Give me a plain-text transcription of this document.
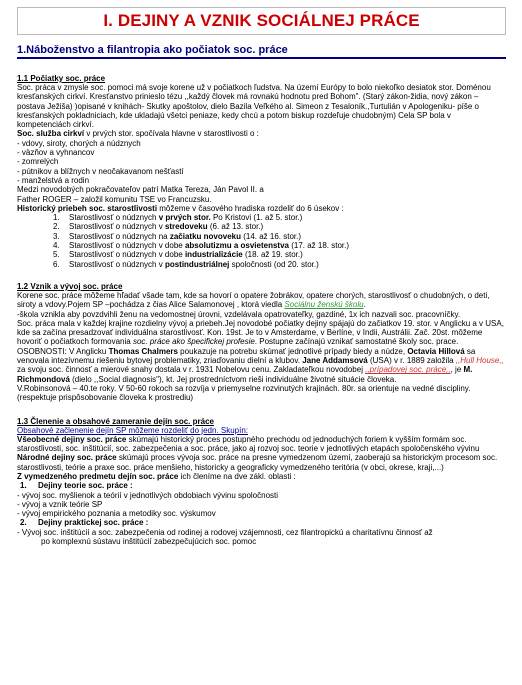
I. DEJINY A VZNIK SOCIÁLNEJ PRÁCE
1.Náboženstvo a filantropia ako počiatok soc. práce
1.1 Počiatky soc. práce
Soc. práca v zmysle soc. pomoci má svoje korene už v počiatkoch ľudstva. Na území Európy to bolo niekoľko desiatok stor. Doménou kresťanských cirkví. Kresťanstvo prinieslo tézu ,,každý človek má rovnakú hodnotu pred Bohom". (Starý zákon-židia, nový zákon – postava Ježiša) )opisané v knihách- Skutky apoštolov, dielo Bazila Veľkého al. Simeon z Tesaloník.,Turtulián v Apologeniku- píše o kresťanských pokladniciach, kde ukladajú všetci peniaze, kedy chcú a potom biskup rozdeľuje chudobným) Cela SP bola v kompetenciách cirkví.
Soc. služba cirkví v prvých stor. spočívala hlavne v starostlivosti o :
- vdovy, siroty, chorých a núdznych
- väzňov a vyhnancov
- zomrelých
- pútnikov a blížnych v neočakavanom nešťastí
- manželstvá a rodin
Medzi novodobých pokračovateľov patrí Matka Tereza, Ján Pavol II. a
Father ROGER – založil komunitu TSE vo Francuzsku.
Historický priebeh soc. starostlivosti môžeme v časového hradiska rozdeliť do 6 úsekov :
1. Starostlivosť o núdznych v prvých stor. Po Kristovi (1. až 5. stor.)
2. Starostlivosť o núdznych v stredoveku (6. až 13. stor.)
3. Starostlivosť o núdznych na začiatku novoveku (14. až 16. stor.)
4. Starostlivosť o núdznych v dobe absolutizmu a osvietenstva (17. až 18. stor.)
5. Starostlivosť o núdznych v dobe industrializácie (18. až 19. stor.)
6. Starostlivosť o núdznych v postindustriálnej spoločnosti (od 20. stor.)
1.2 Vznik a vývoj soc. práce
Korene soc. práce môžeme hľadať všade tam, kde sa hovorí o opatere žobrákov, opatere chorých, starostlivosť o chudobných, o deti, siroty a vdovy.Pojem SP –pochádza z čias Alice Salamonovej , ktorá viedla Sociálnu ženskú školu.
-škola vznikla aby povzdvihli ženu na vedomostnej úrovni, vzdelávala opatrovateľky, gazdiné, 1x ich nazvali soc. pracovníčky.
Soc. práca mala v každej krajine rozdielny vývoj a priebeh.Jej novodobé počiatky dejiny spájajú do začiatkov 19. stor. v Anglicku a v USA, kde sa začína presadzovať individuálna starostlivosť. Kon. 19st. Je to v Amsterdame, v Berlíne, v Indii, Austrálii. Zač. 20st. môžeme hovoriť o počiatkoch formovania soc. práce ako špecifickej profesie. Postupne začínajú vznikať samostatné školy soc. prace.
OSOBNOSTI: V Anglicku Thomas Chalmers poukazuje na potrebu skúmať jednotlivé prípady biedy a núdze, Octavia Hillová sa venovala intezívnemu riešeniu bytovej problematiky, zriaďovaniu dielní a klubov. Jane Addamsová (USA) v r. 1889 založila ,,Hull House,, za svoju soc. činnosť a mierové snahy dostala v r. 1931 Nobelovu cenu. Zakladateľkou novodobej ,,prípadovej soc. práce,,, je M. Richmondová (dielo ,,Social diagnosis"), kt. Jej prostredníctvom rieši individuálne životné situácie človeka.
V.Robinsonová – 40.te roky. V 50-60 rokoch sa rozvíja v priemyselne rozvinutých krajinách. 80r. sa orientuje na vedné discipliny.(respektuje prispôsobovanie človeka k prostrediu)
1.3 Členenie a obsahové zameranie dejín soc. práce
Obsahové začlenenie dejín SP môžeme rozdeliť do jedn. Skupín:
Všeobecné dejiny soc. práce skúmajú historický proces postupného prechodu od jednoduchých foriem k vyšším formám soc. starostlivosti, soc. inštitúcií, soc. zabezpečenia a soc. práce, jako aj rozvoj soc. teorie v jednotlivých etapách spoločenského vývinu
Národné dejiny soc. práce skúmajú proces vývoja soc. práce na presne vymedzenom území, zaoberajú sa historickým procesom soc. starostlivosti, teórie a praxe soc. práce menšieho, historicky a geograficky vymedzeného teritória (v obci, okrese, kraji,...)
Z vymedzeného predmetu dejín soc. práce ich členíme na dve zákl. oblasti :
1. Dejiny teorie soc. práce :
- vývoj soc. myšlienok a teórií v jednotlivých obdobiach vývinu spoločnosti
- vývoj a vznik teórie SP
- vývoj empirického poznania a metodiky soc. výskumov
2. Dejiny praktickej soc. práce :
- Vývoj soc. inštitúcií a soc. zabezpečenia od rodinej a rodovej vzájemnosti, cez filantropickú a charitatívnu činnosť až
po komplexnú sústavu inštitúcií zabezpečujúcich soc. pomoc
